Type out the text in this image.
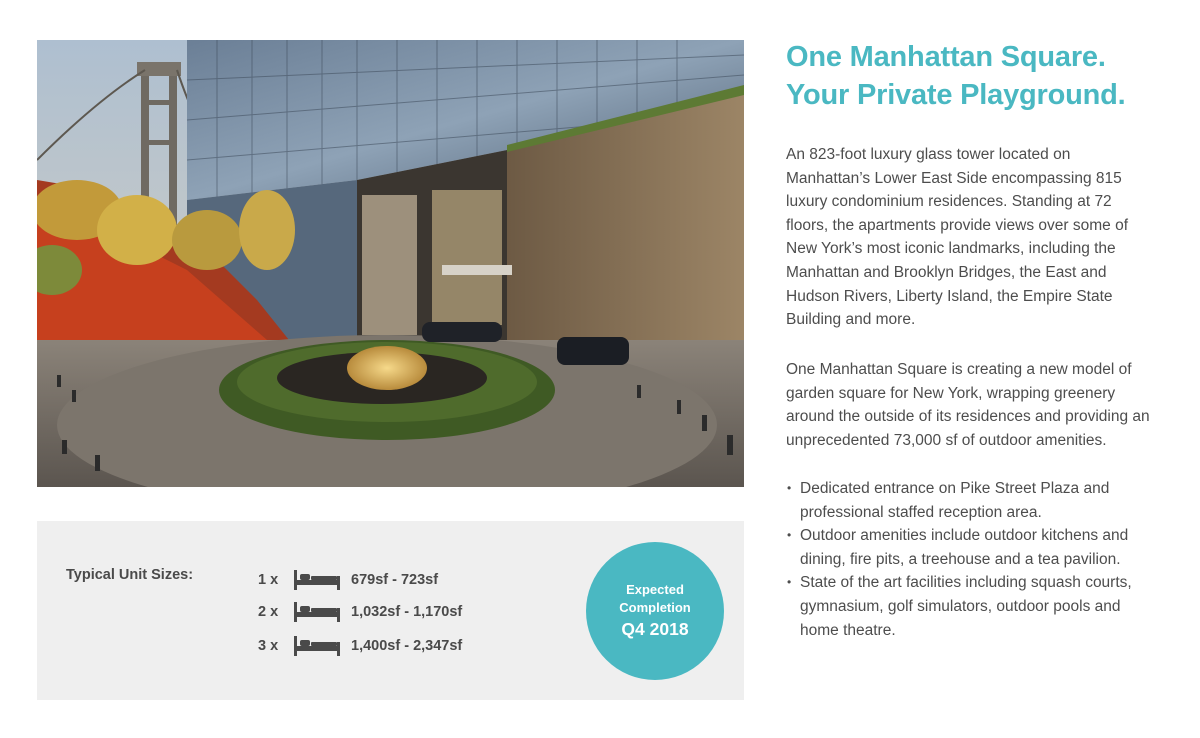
Typical Unit Sizes:	1 x	679sf - 723sf
2 x	1,032sf - 1,170sf
3 x	1,400sf - 2,347sf
Expected
Completion
Q4 2018
One Manhattan Square.
Your Private Playground.

An 823-foot luxury glass tower located on Manhattan’s Lower East Side encompassing 815 luxury condominium residences. Standing at 72 floors, the apartments provide views over some of New York’s most iconic landmarks, including the Manhattan and Brooklyn Bridges, the East and Hudson Rivers, Liberty Island, the Empire State Building and more.

One Manhattan Square is creating a new model of garden square for New York, wrapping greenery around the outside of its residences and providing an unprecedented 73,000 sf of outdoor amenities.

• Dedicated entrance on Pike Street Plaza and professional staffed reception area.
• Outdoor amenities include outdoor kitchens and dining, fire pits, a treehouse and a tea pavilion.
• State of the art facilities including squash courts, gymnasium, golf simulators, outdoor pools and home theatre.
